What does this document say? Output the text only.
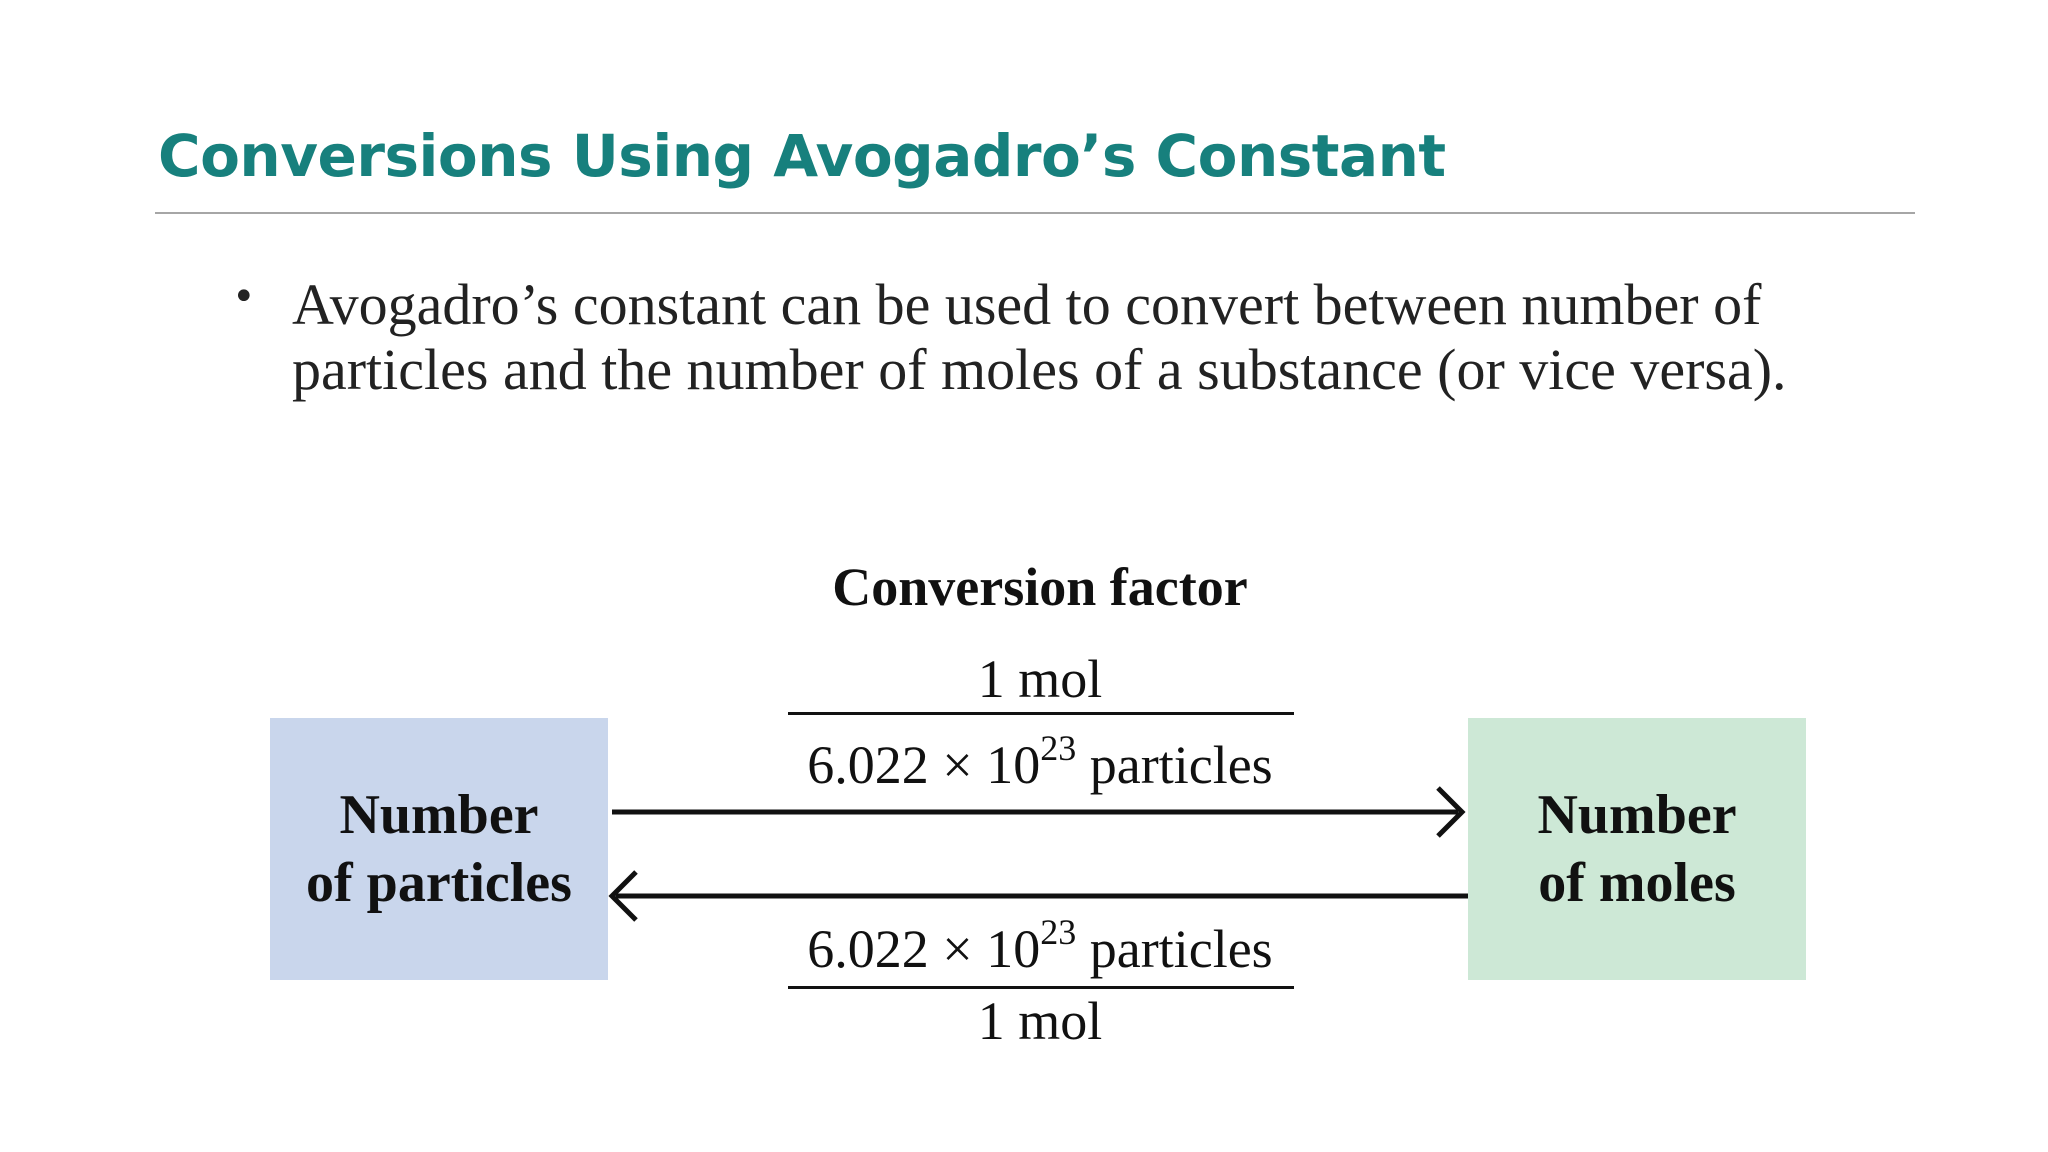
Conversions Using Avogadro’s Constant
• Avogadro’s constant can be used to convert between number of particles and the number of moles of a substance (or vice versa).
Conversion factor
1 mol
$6.022 \times 10^{23}$ particles
$6.022 \times 10^{23}$ particles
1 mol
Number
of particles
Number
of moles
